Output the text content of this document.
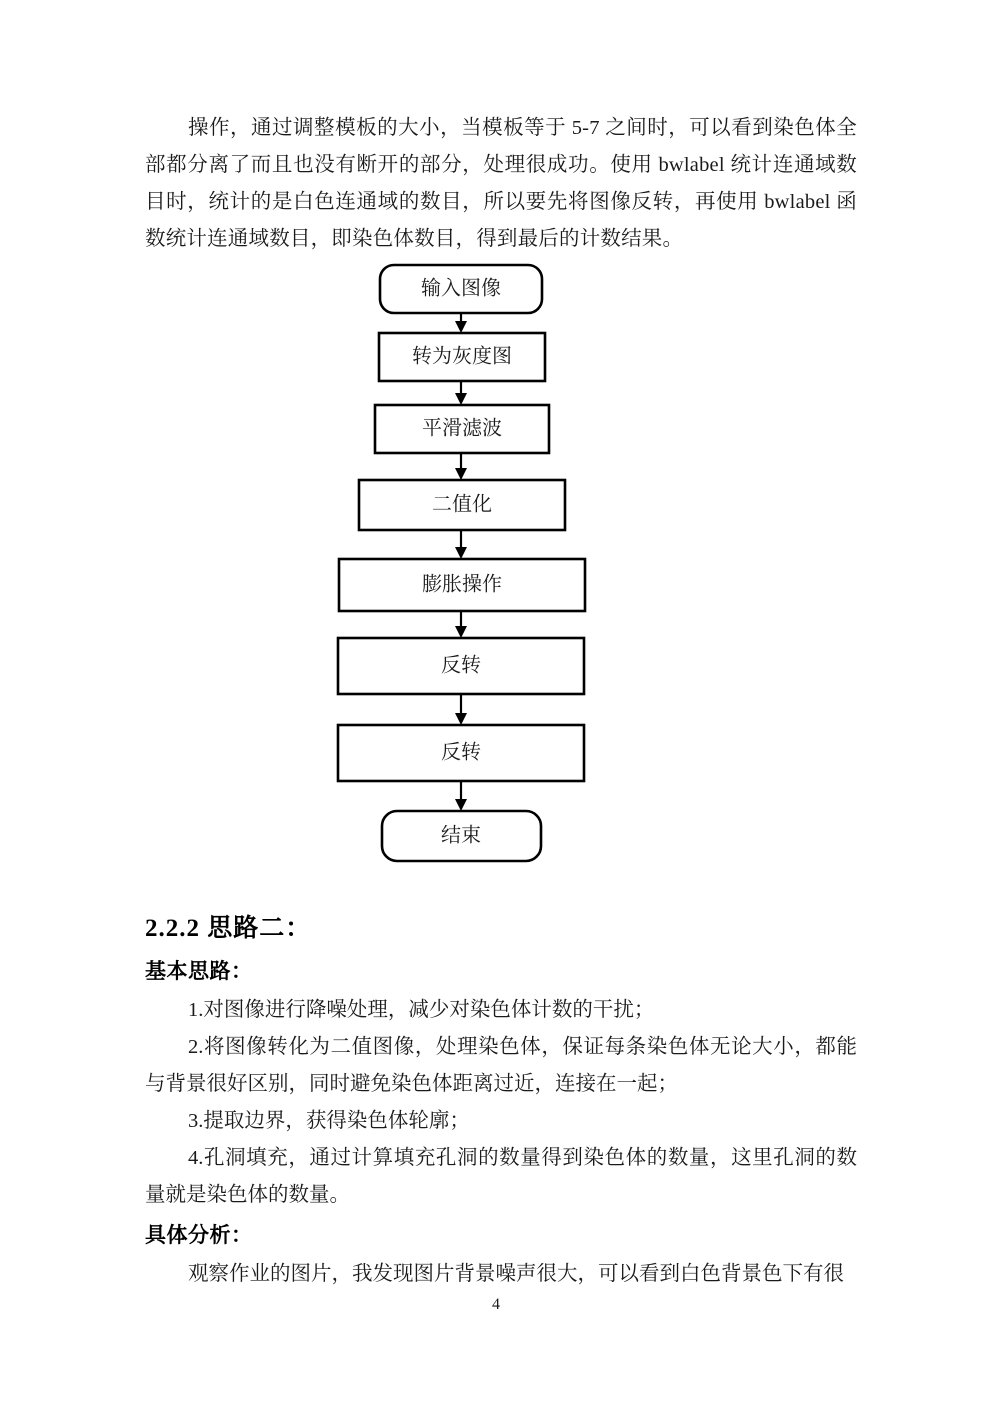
操作，通过调整模板的大小，当模板等于 5-7 之间时，可以看到染色体全部都分离了而且也没有断开的部分，处理很成功。使用 bwlabel 统计连通域数目时，统计的是白色连通域的数目，所以要先将图像反转，再使用 bwlabel 函数统计连通域数目，即染色体数目，得到最后的计数结果。

输入图像
转为灰度图
平滑滤波
二值化
膨胀操作
反转
反转
结束
2.2.2 思路二：

基本思路：

1.对图像进行降噪处理，减少对染色体计数的干扰；

2.将图像转化为二值图像，处理染色体，保证每条染色体无论大小，都能与背景很好区别，同时避免染色体距离过近，连接在一起；

3.提取边界，获得染色体轮廓；

4.孔洞填充，通过计算填充孔洞的数量得到染色体的数量，这里孔洞的数量就是染色体的数量。

具体分析：

观察作业的图片，我发现图片背景噪声很大，可以看到白色背景色下有很

4
